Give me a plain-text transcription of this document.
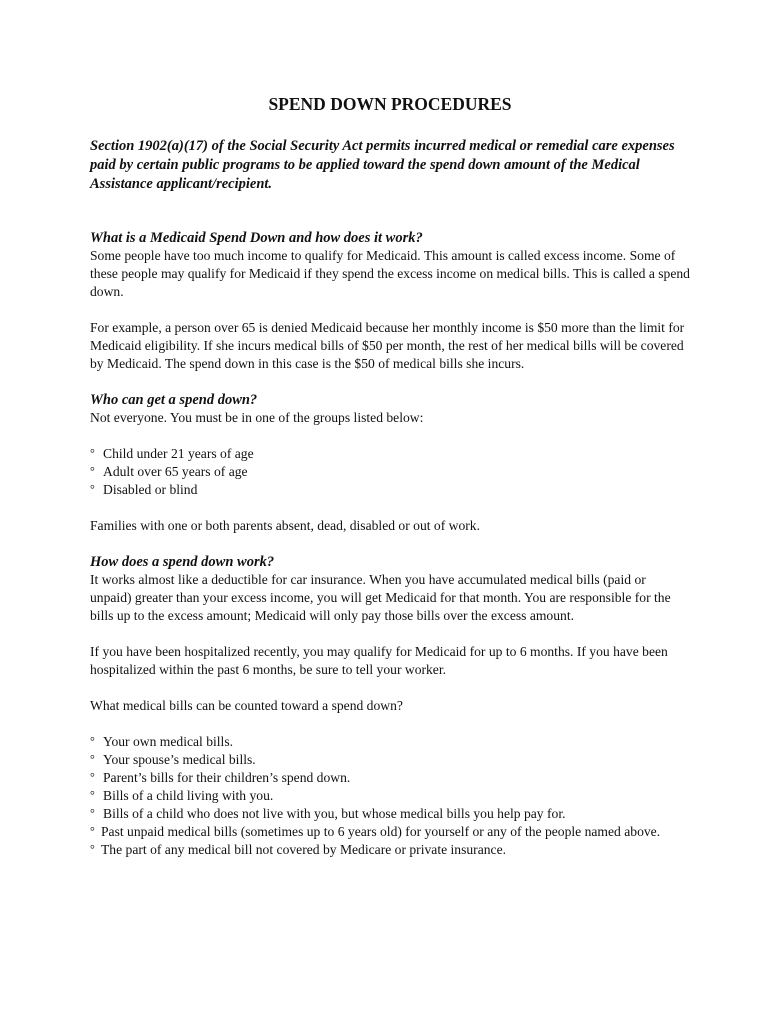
SPEND DOWN PROCEDURES
Section 1902(a)(17) of the Social Security Act permits incurred medical or remedial care expenses paid by certain public programs to be applied toward the spend down amount of the Medical Assistance applicant/recipient.
What is a Medicaid Spend Down and how does it work?

Some people have too much income to qualify for Medicaid. This amount is called excess income. Some of these people may qualify for Medicaid if they spend the excess income on medical bills. This is called a spend down.

For example, a person over 65 is denied Medicaid because her monthly income is $50 more than the limit for Medicaid eligibility. If she incurs medical bills of $50 per month, the rest of her medical bills will be covered by Medicaid. The spend down in this case is the $50 of medical bills she incurs.

Who can get a spend down?

Not everyone. You must be in one of the groups listed below:

° Child under 21 years of age
° Adult over 65 years of age
° Disabled or blind

Families with one or both parents absent, dead, disabled or out of work.

How does a spend down work?

It works almost like a deductible for car insurance. When you have accumulated medical bills (paid or unpaid) greater than your excess income, you will get Medicaid for that month. You are responsible for the bills up to the excess amount; Medicaid will only pay those bills over the excess amount.

If you have been hospitalized recently, you may qualify for Medicaid for up to 6 months. If you have been hospitalized within the past 6 months, be sure to tell your worker.

What medical bills can be counted toward a spend down?

° Your own medical bills.
° Your spouse’s medical bills.
° Parent’s bills for their children’s spend down.
° Bills of a child living with you.
° Bills of a child who does not live with you, but whose medical bills you help pay for.
° Past unpaid medical bills (sometimes up to 6 years old) for yourself or any of the people named above.
° The part of any medical bill not covered by Medicare or private insurance.
